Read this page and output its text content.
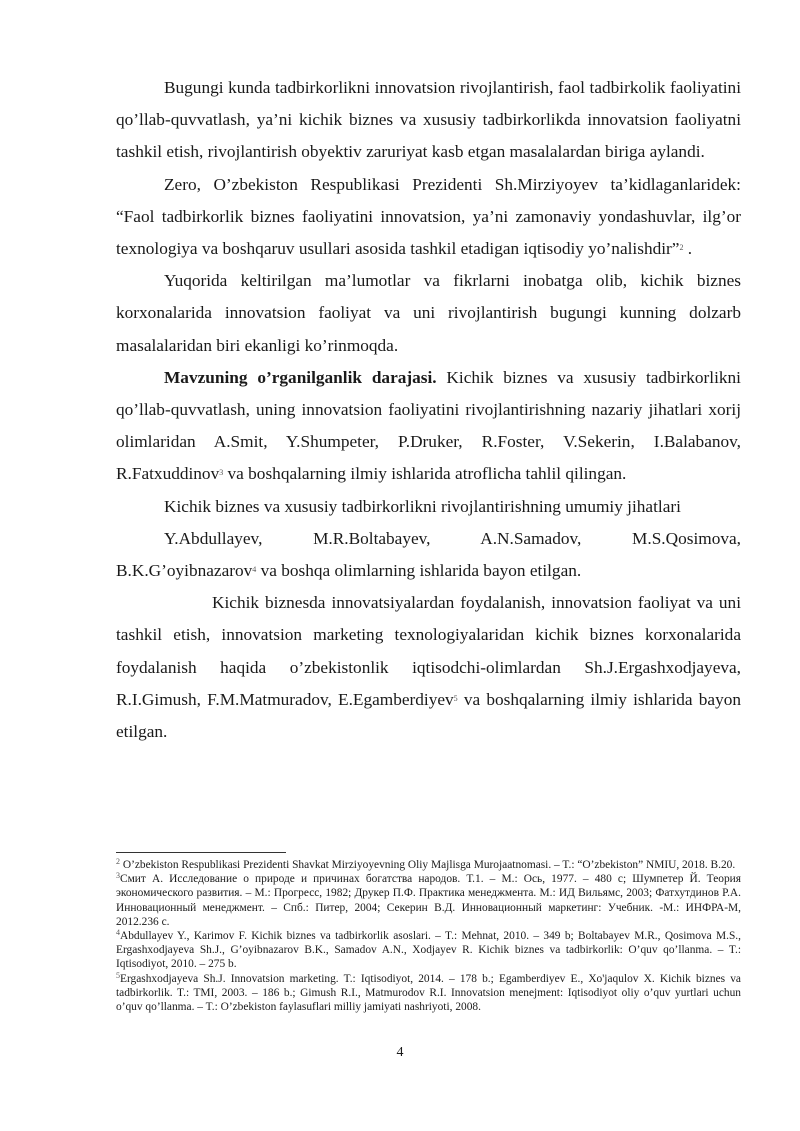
Bugungi kunda tadbirkorlikni innovatsion rivojlantirish, faol tadbirkolik faoliyatini qo’llab-quvvatlash, ya’ni kichik biznes va xususiy tadbirkorlikda innovatsion faoliyatni tashkil etish, rivojlantirish obyektiv zaruriyat kasb etgan masalalardan birigа aylandi.

Zero, O’zbekiston Respublikasi Prezidenti Sh.Mirziyoyev ta’kidlaganlaridek: “Faol tadbirkorlik biznes faoliyatini innovatsion, ya’ni zamonaviy yondashuvlar, ilg’or texnologiya va boshqaruv usullari asosida tashkil etadigan iqtisodiy yo’nalishdir”$^2$ .

Yuqorida keltirilgan ma’lumotlar va fikrlarni inobatga olib, kichik biznes korxonalarida innovatsion faoliyat va uni rivojlantirish bugungi kunning dolzarb masalalaridan biri ekanligi ko’rinmoqda.

Mavzuning o’rganilganlik darajasi. Kichik biznes va xususiy tadbirkorlikni qo’llab-quvvatlash, uning innovatsion faoliyatini rivojlantirishning nazariy jihatlari xorij olimlaridan A.Smit, Y.Shumpeter, P.Druker, R.Foster, V.Sekerin, I.Balabanov, R.Fatxuddinov$^3$ va boshqalarning ilmiy ishlarida atroflicha tahlil qilingan.

Kichik biznes va xususiy tadbirkorlikni rivojlantirishning umumiy jihatlari

Y.Abdullayev, M.R.Boltabayev, A.N.Samadov, M.S.Qosimova, B.K.G’oyibnazarov$^4$ va boshqa olimlarning ishlarida bayon etilgan.

Kichik biznesda innovatsiyalardan foydalanish, innovatsion faoliyat va uni tashkil etish, innovatsion marketing texnologiyalaridan kichik biznes korxonalarida foydalanish haqida o’zbekistonlik iqtisodchi-olimlardan Sh.J.Ergashxodjayeva, R.I.Gimush, F.M.Matmuradov, E.Egamberdiyev$^5$ va boshqalarning ilmiy ishlarida bayon etilgan.

$^2$ O’zbekiston Respublikasi Prezidenti Shavkat Mirziyoyevning Oliy Majlisga Murojaatnomasi. – T.: “O’zbekiston” NMIU, 2018. B.20.

$^3$Смит А. Исследование о природе и причинах богатства народов. Т.1. – М.: Ось, 1977. – 480 с; Шумпетер Й. Теория экономического развития. – М.: Прогресс, 1982; Друкер П.Ф. Практика менеджмента. М.: ИД Вильямс, 2003; Фатхутдинов Р.А. Инновационный менеджмент. – Спб.: Питер, 2004; Секерин В.Д. Инновационный маркетинг: Учебник. -М.: ИНФРА-М, 2012.236 с.

$^4$Abdullayev Y., Karimov F. Kichik biznes va tadbirkorlik asoslari. – T.: Mehnat, 2010. – 349 b; Boltabayev M.R., Qosimova M.S., Ergashxodjayeva Sh.J., G’oyibnazarov B.K., Samadov A.N., Xodjayev R. Kichik biznes va tadbirkorlik: O’quv qo’llanma. – T.: Iqtisodiyot, 2010. – 275 b.

$^5$Ergashxodjayeva Sh.J. Innovatsion marketing. T.: Iqtisodiyot, 2014. – 178 b.; Egamberdiyev E., Xo'jaqulov X. Kichik biznes va tadbirkorlik. T.: TMI, 2003. – 186 b.; Gimush R.I., Matmurodov R.I. Innovatsion menejment: Iqtisodiyot oliy o’quv yurtlari uchun o’quv qo’llanma. – T.: O’zbekiston faylasuflari milliy jamiyati nashriyoti, 2008.

4
